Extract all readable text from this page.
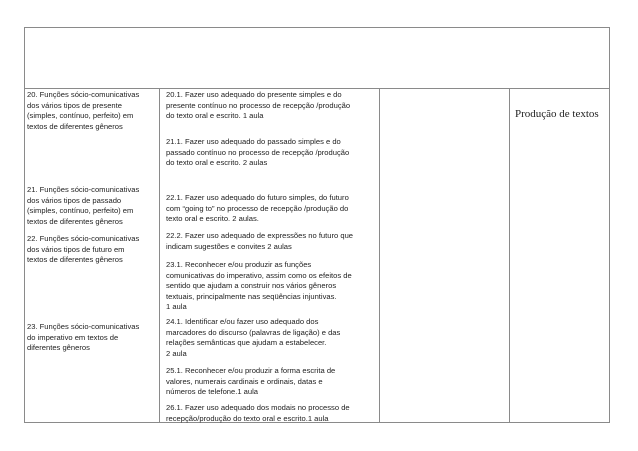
20. Funções sócio-comunicativas
dos vários tipos de presente
(simples, contínuo, perfeito) em
textos de diferentes gêneros
21. Funções sócio-comunicativas
dos vários tipos de passado
(simples, contínuo, perfeito) em
textos de diferentes gêneros
22. Funções sócio-comunicativas
dos vários tipos de futuro em
textos de diferentes gêneros
23. Funções sócio-comunicativas
do imperativo em textos de
diferentes gêneros
20.1. Fazer uso adequado do presente simples e do
presente contínuo no processo de recepção /produção
do texto oral e escrito. 1 aula
21.1. Fazer uso adequado do passado simples e do
passado contínuo no processo de recepção /produção
do texto oral e escrito. 2 aulas
22.1. Fazer uso adequado do futuro simples, do futuro
com “going to” no processo de recepção /produção do
texto oral e escrito. 2 aulas.
22.2. Fazer uso adequado de expressões no futuro que
indicam sugestões e convites 2 aulas
23.1. Reconhecer e/ou produzir as funções
comunicativas do imperativo, assim como os efeitos de
sentido que ajudam a construir nos vários gêneros
textuais, principalmente nas seqüências injuntivas.
1 aula
24.1. Identificar e/ou fazer uso adequado dos
marcadores do discurso (palavras de ligação) e das
relações semânticas que ajudam a estabelecer.
2 aula
25.1. Reconhecer e/ou produzir a forma escrita de
valores, numerais cardinais e ordinais, datas e
números de telefone.1 aula
26.1. Fazer uso adequado dos modais no processo de
recepção/produção do texto oral e escrito.1 aula
Produção de textos
